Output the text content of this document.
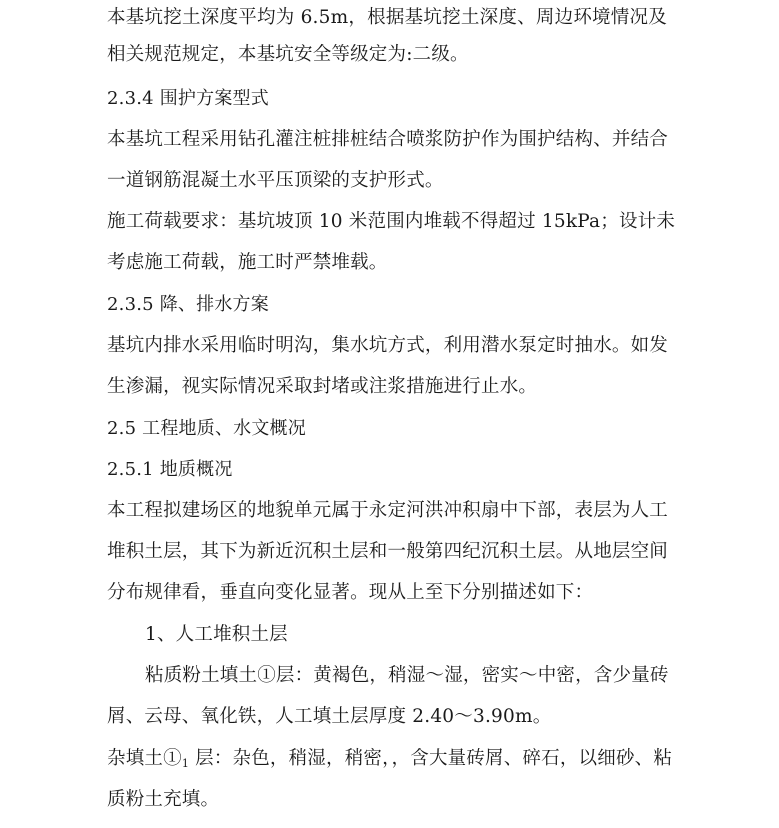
本基坑挖土深度平均为 6.5m，根据基坑挖土深度、周边环境情况及
相关规范规定，本基坑安全等级定为:二级。
2.3.4 围护方案型式
本基坑工程采用钻孔灌注桩排桩结合喷浆防护作为围护结构、并结合
一道钢筋混凝土水平压顶梁的支护形式。
施工荷载要求：基坑坡顶 10 米范围内堆载不得超过 15kPa；设计未
考虑施工荷载，施工时严禁堆载。
2.3.5 降、排水方案
基坑内排水采用临时明沟，集水坑方式，利用潜水泵定时抽水。如发
生渗漏，视实际情况采取封堵或注浆措施进行止水。
2.5 工程地质、水文概况
2.5.1 地质概况
本工程拟建场区的地貌单元属于永定河洪冲积扇中下部，表层为人工
堆积土层，其下为新近沉积土层和一般第四纪沉积土层。从地层空间
分布规律看，垂直向变化显著。现从上至下分别描述如下：
1、人工堆积土层
粘质粉土填土①层：黄褐色，稍湿～湿，密实～中密，含少量砖
屑、云母、氧化铁，人工填土层厚度 2.40～3.90m。
杂填土$①_1$ 层：杂色，稍湿，稍密，，含大量砖屑、碎石，以细砂、粘
质粉土充填。
